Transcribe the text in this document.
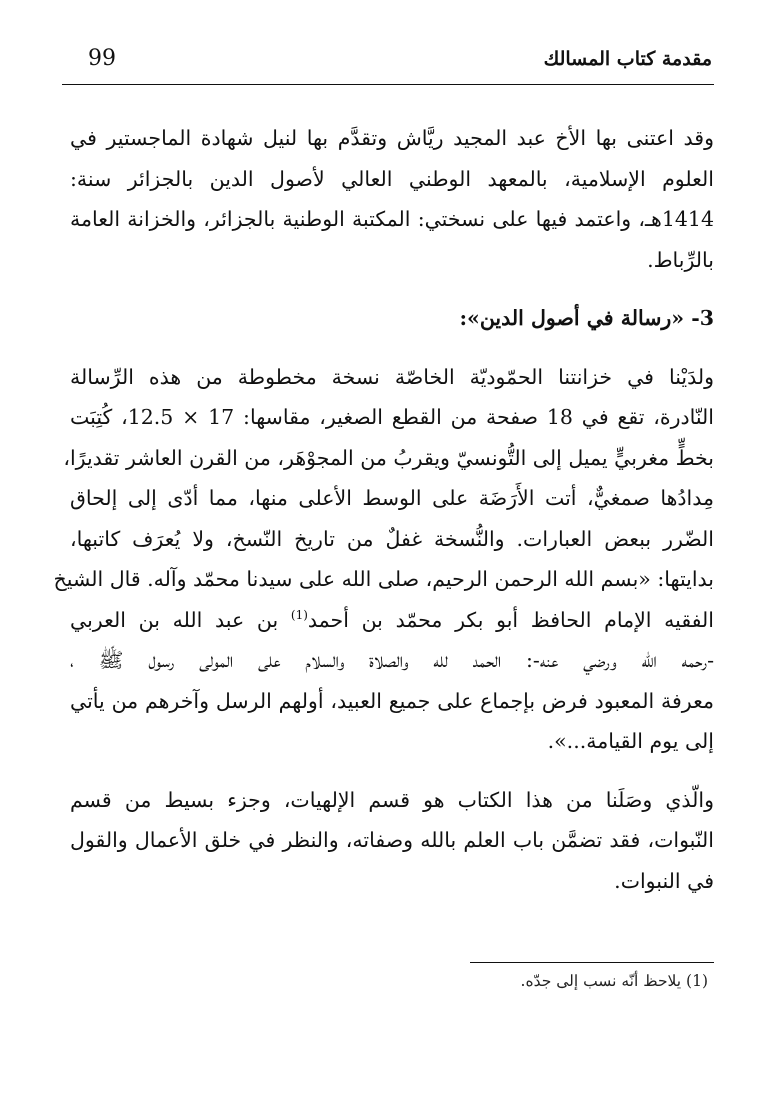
مقدمة كتاب المسالك
99
وقد اعتنى بها الأخ عبد المجيد ريَّاش وتقدَّم بها لنيل شهادة الماجستير في
العلوم الإسلامية، بالمعهد الوطني العالي لأصول الدين بالجزائر سنة:
1414هـ، واعتمد فيها على نسختي: المكتبة الوطنية بالجزائر، والخزانة العامة
بالرِّباط.
3- «رسالة في أصول الدين»:
ولدَيْنا في خزانتنا الحمّوديّة الخاصّة نسخة مخطوطة من هذه الرِّسالة
النّادرة، تقع في 18 صفحة من القطع الصغير، مقاسها: 17 × 12.5، كُتِبَت
بخطٍّ مغربيٍّ يميل إلى التُّونسيّ ويقربُ من المجوْهَر، من القرن العاشر تقديرًا،
مِدادُها صمغيٌّ، أتت الأَرَضَة على الوسط الأعلى منها، مما أدّى إلى إلحاق
الضّرر ببعض العبارات. والنُّسخة غفلٌ من تاريخ النّسخ، ولا يُعرَف كاتبها،
بدايتها: «بسم الله الرحمن الرحيم، صلى الله على سيدنا محمّد وآله. قال الشيخ
الفقيه الإمام الحافظ أبو بكر محمّد بن أحمد$^{(1)}$ بن عبد الله بن العربي
-رحمه الله ورضي عنه-: الحمد لله والصلاة والسلام على المولى رسول ﷺ ،
معرفة المعبود فرض بإجماع على جميع العبيد، أولهم الرسل وآخرهم من يأتي
إلى يوم القيامة...».
والّذي وصَلَنا من هذا الكتاب هو قسم الإلهيات، وجزء بسيط من قسم
النّبوات، فقد تضمَّن باب العلم بالله وصفاته، والنظر في خلق الأعمال والقول
في النبوات.
(1) يلاحظ أنّه نسب إلى جدّه.
